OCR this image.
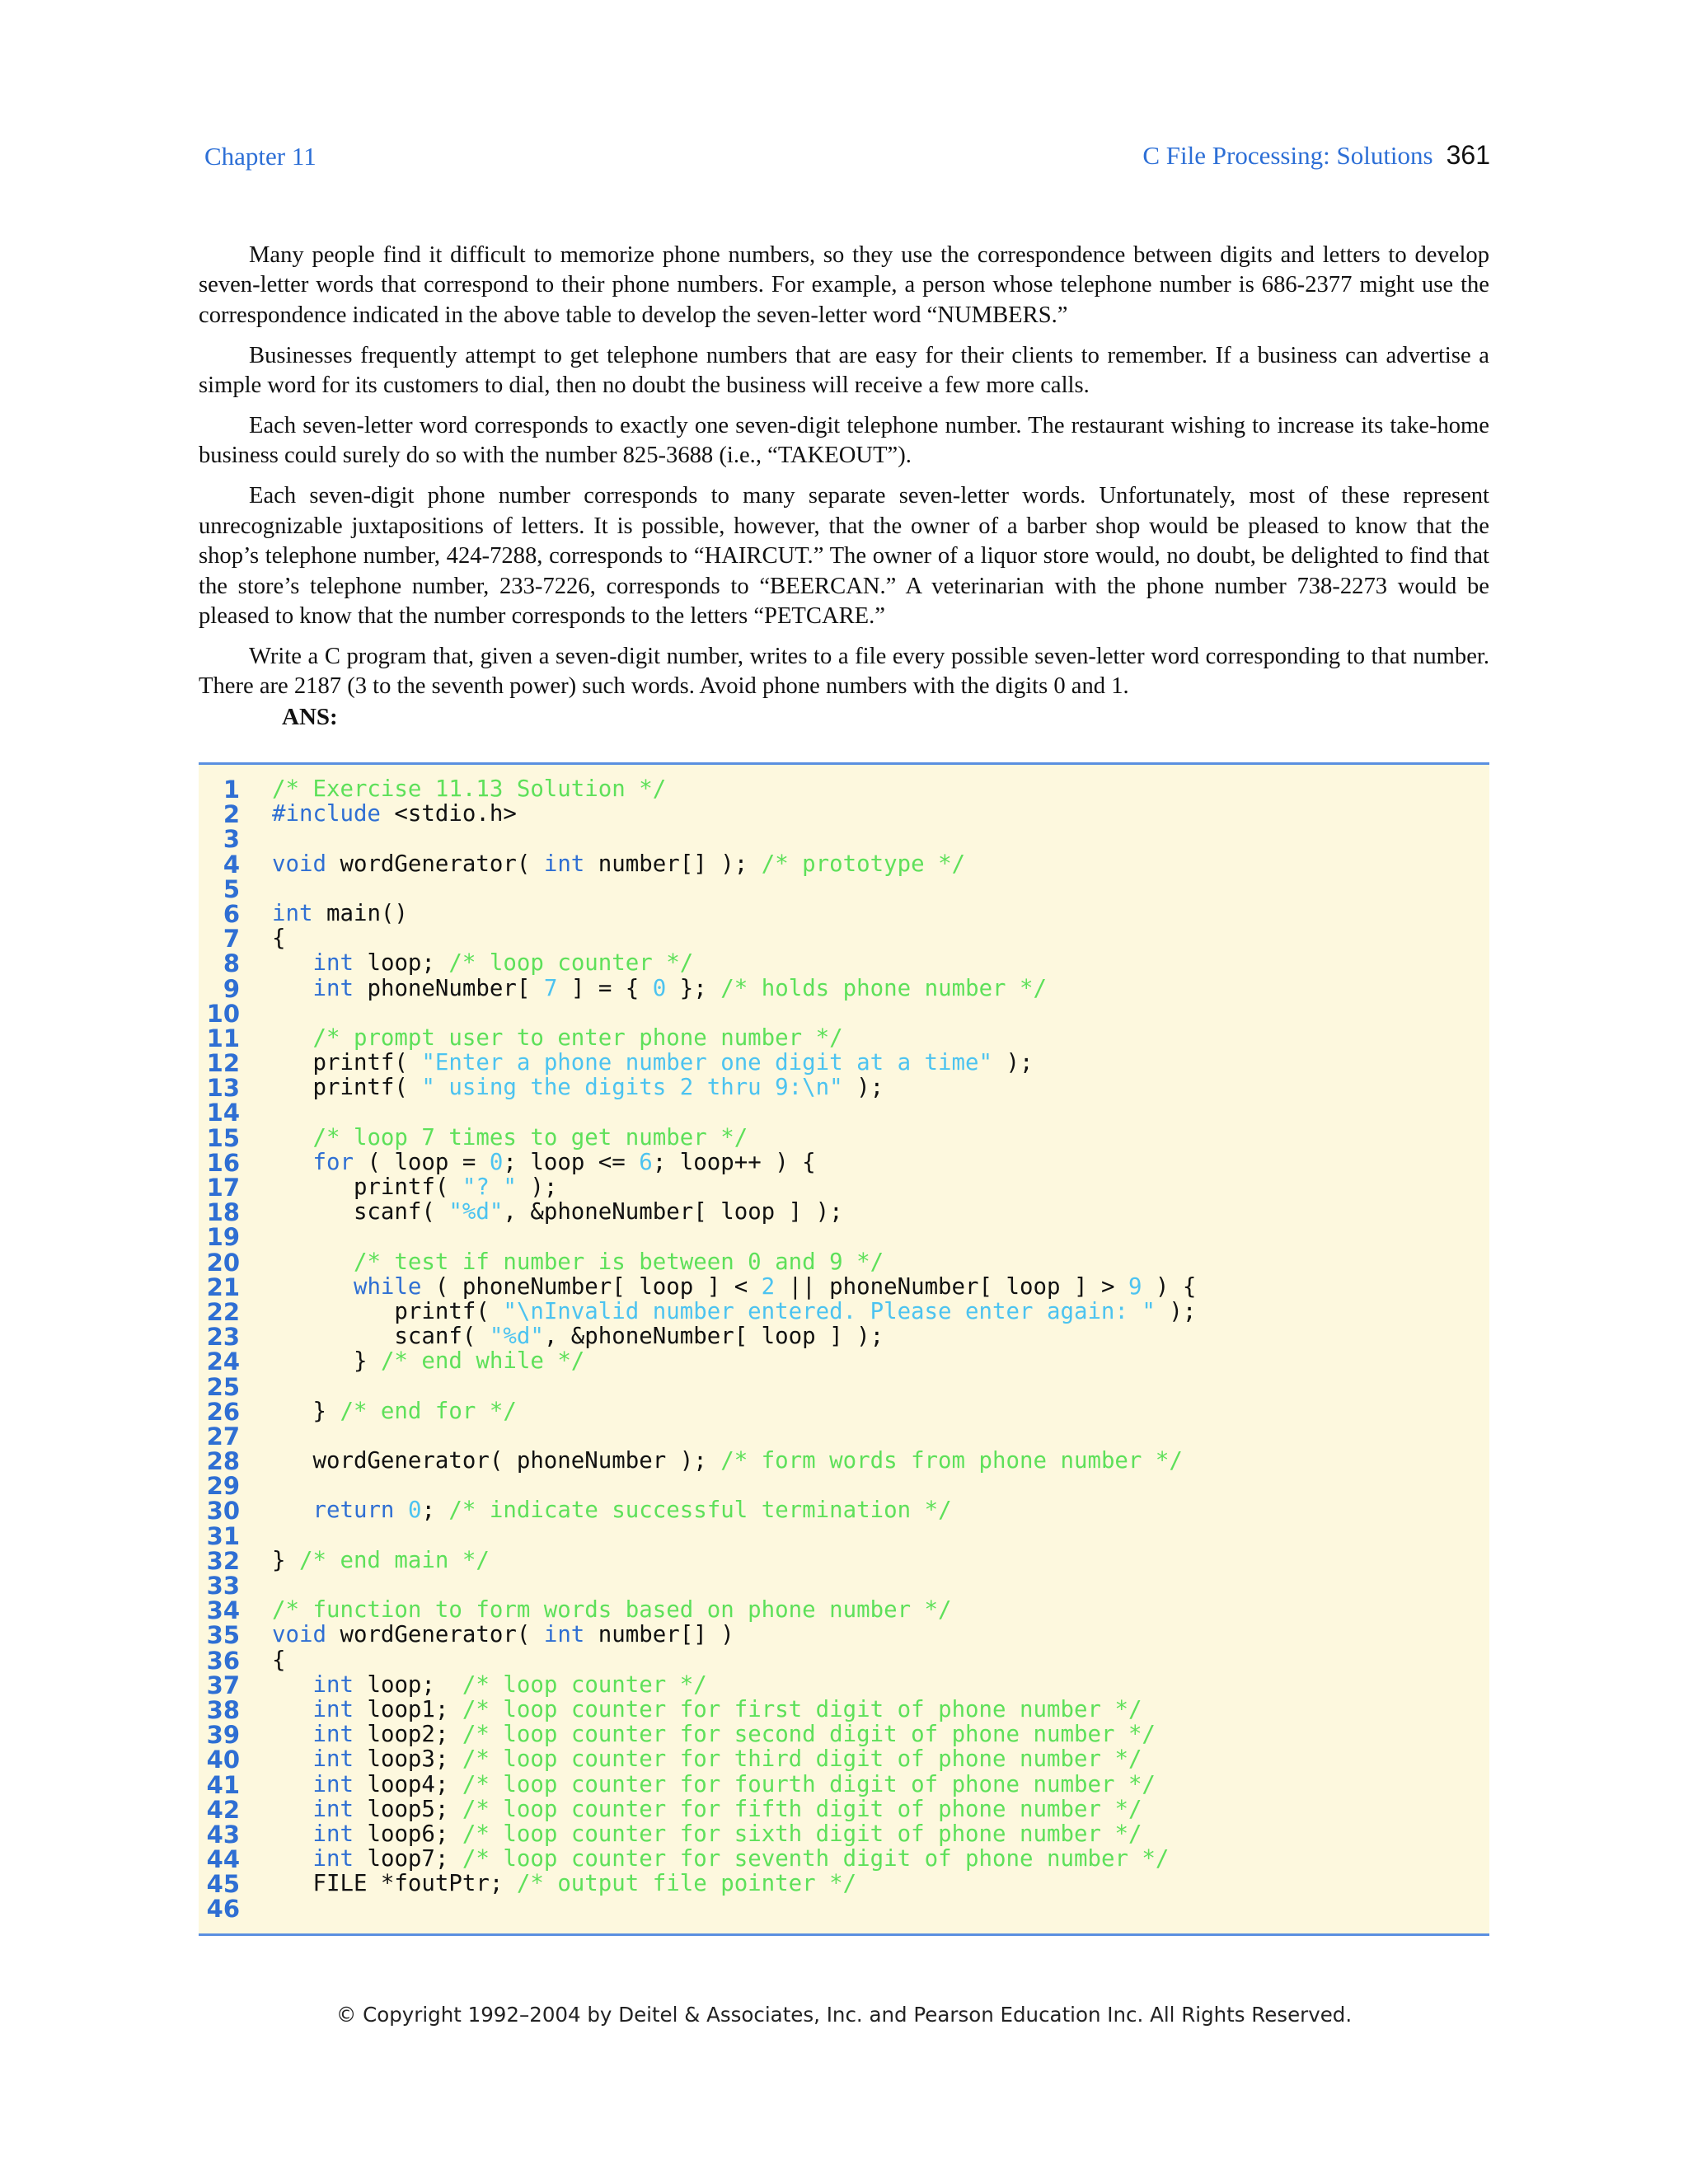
Chapter 11	C File Processing: Solutions 361

Many people find it difficult to memorize phone numbers, so they use the correspondence between digits and letters to develop seven-letter words that correspond to their phone numbers. For example, a person whose telephone number is 686-2377 might use the correspondence indicated in the above table to develop the seven-letter word “NUMBERS.”

Businesses frequently attempt to get telephone numbers that are easy for their clients to remember. If a business can advertise a simple word for its customers to dial, then no doubt the business will receive a few more calls.

Each seven-letter word corresponds to exactly one seven-digit telephone number. The restaurant wishing to increase its take-home business could surely do so with the number 825-3688 (i.e., “TAKEOUT”).

Each seven-digit phone number corresponds to many separate seven-letter words. Unfortunately, most of these represent unrecognizable juxtapositions of letters. It is possible, however, that the owner of a barber shop would be pleased to know that the shop’s telephone number, 424-7288, corresponds to “HAIRCUT.” The owner of a liquor store would, no doubt, be delighted to find that the store’s telephone number, 233-7226, corresponds to “BEERCAN.” A veterinarian with the phone number 738-2273 would be pleased to know that the number corresponds to the letters “PETCARE.”

Write a C program that, given a seven-digit number, writes to a file every possible seven-letter word corresponding to that number. There are 2187 (3 to the seventh power) such words. Avoid phone numbers with the digits 0 and 1.

ANS:
1 /* Exercise 11.13 Solution */
2 #include <stdio.h>
3
4 void wordGenerator( int number[] ); /* prototype */
5
6 int main()
7 {
8	int loop; /* loop counter */
9	int phoneNumber[ 7 ] = { 0 }; /* holds phone number */
10
11	/* prompt user to enter phone number */
12 printf( "Enter a phone number one digit at a time" );
13 printf( " using the digits 2 thru 9:\n" );
14
15	/* loop 7 times to get number */
16	for ( loop = 0; loop <= 6; loop++ ) {
17 printf( "? " );
18 scanf( "%d", &phoneNumber[ loop ] );
19
20	/* test if number is between 0 and 9 */
21	while ( phoneNumber[ loop ] < 2 || phoneNumber[ loop ] > 9 ) {
22 printf( "\nInvalid number entered. Please enter again: " );
23 scanf( "%d", &phoneNumber[ loop ] );
24 } /* end while */
25
26 } /* end for */
27
28 wordGenerator( phoneNumber ); /* form words from phone number */
29
30	return 0; /* indicate successful termination */
31
32 } /* end main */
33
34 /* function to form words based on phone number */
35 void wordGenerator( int number[] )
36 {
37	int loop;  /* loop counter */
38	int loop1; /* loop counter for first digit of phone number */
39	int loop2; /* loop counter for second digit of phone number */
40	int loop3; /* loop counter for third digit of phone number */
41	int loop4; /* loop counter for fourth digit of phone number */
42	int loop5; /* loop counter for fifth digit of phone number */
43	int loop6; /* loop counter for sixth digit of phone number */
44	int loop7; /* loop counter for seventh digit of phone number */
45 FILE *foutPtr; /* output file pointer */
46
© Copyright 1992–2004 by Deitel & Associates, Inc. and Pearson Education Inc. All Rights Reserved.
